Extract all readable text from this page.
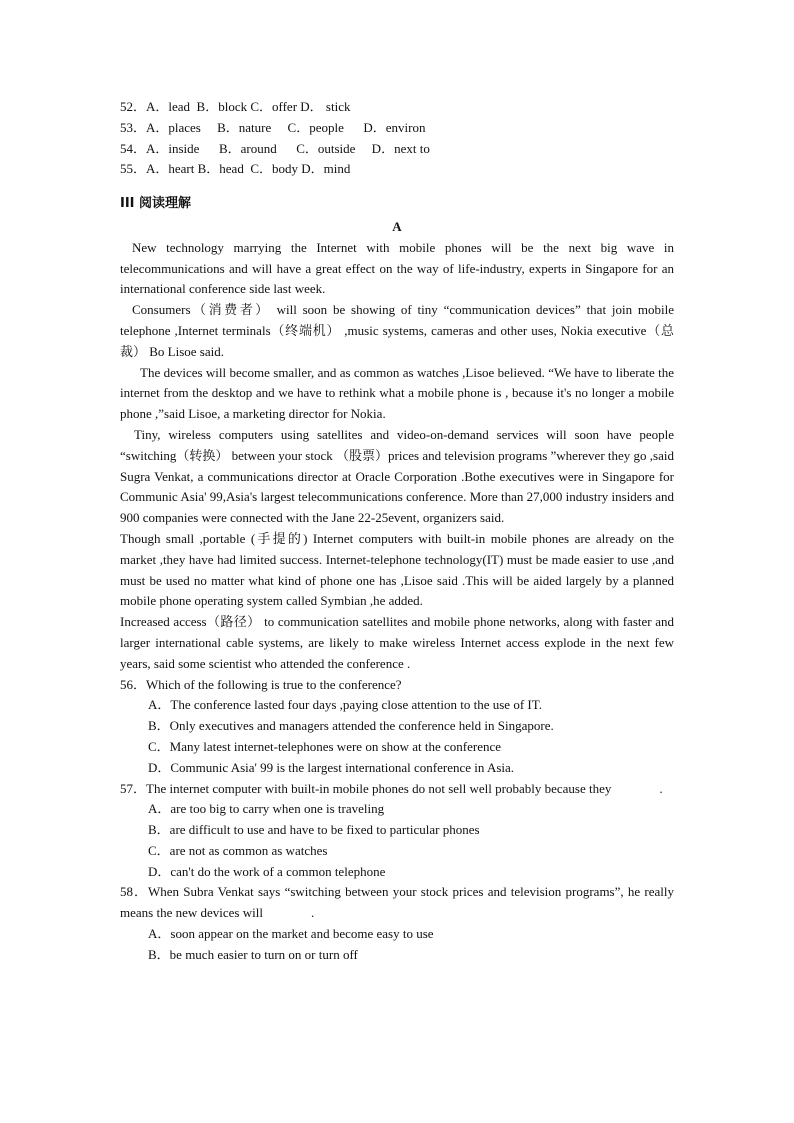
52．A．lead  B．block C．offer D． stick
53．A．places     B．nature     C．people      D．environ
54．A．inside      B．around      C．outside     D．next to
55．A．heart B．head  C．body D．mind
III 阅读理解
A
New technology marrying the Internet with mobile phones will be the next big wave in telecommunications and will have a great effect on the way of life-industry, experts in Singapore for an international conference side last week.
Consumers（消费者） will soon be showing of tiny “communication devices” that join mobile telephone ,Internet terminals（终端机） ,music systems, cameras and other uses, Nokia executive（总裁） Bo Lisoe said.
The devices will become smaller, and as common as watches ,Lisoe believed. “We have to liberate the internet from the desktop and we have to rethink what a mobile phone is , because it's no longer a mobile phone ,”said Lisoe, a marketing director for Nokia.
Tiny, wireless computers using satellites and video-on-demand services will soon have people “switching（转换） between your stock （股票）prices and television programs ”wherever they go ,said Sugra Venkat, a communications director at Oracle Corporation .Bothe executives were in Singapore for Communic Asia' 99,Asia's largest telecommunications conference. More than 27,000 industry insiders and 900 companies were connected with the Jane 22-25event, organizers said.
Though small ,portable (手提的) Internet computers with built-in mobile phones are already on the market ,they have had limited success. Internet-telephone technology(IT) must be made easier to use ,and must be used no matter what kind of phone one has ,Lisoe said .This will be aided largely by a planned mobile phone operating system called Symbian ,he added.
Increased access（路径） to communication satellites and mobile phone networks, along with faster and larger international cable systems, are likely to make wireless Internet access explode in the next few years, said some scientist who attended the conference .
56．Which of the following is true to the conference?
A．The conference lasted four days ,paying close attention to the use of IT.
B．Only executives and managers attended the conference held in Singapore.
C．Many latest internet-telephones were on show at the conference
D．Communic Asia' 99 is the largest international conference in Asia.
57．The internet computer with built-in mobile phones do not sell well probably because they	.
A．are too big to carry when one is traveling
B．are difficult to use and have to be fixed to particular phones
C．are not as common as watches
D．can't do the work of a common telephone
58．When Subra Venkat says “switching between your stock prices and television programs”, he really means the new devices will	.
A．soon appear on the market and become easy to use
B．be much easier to turn on or turn off
